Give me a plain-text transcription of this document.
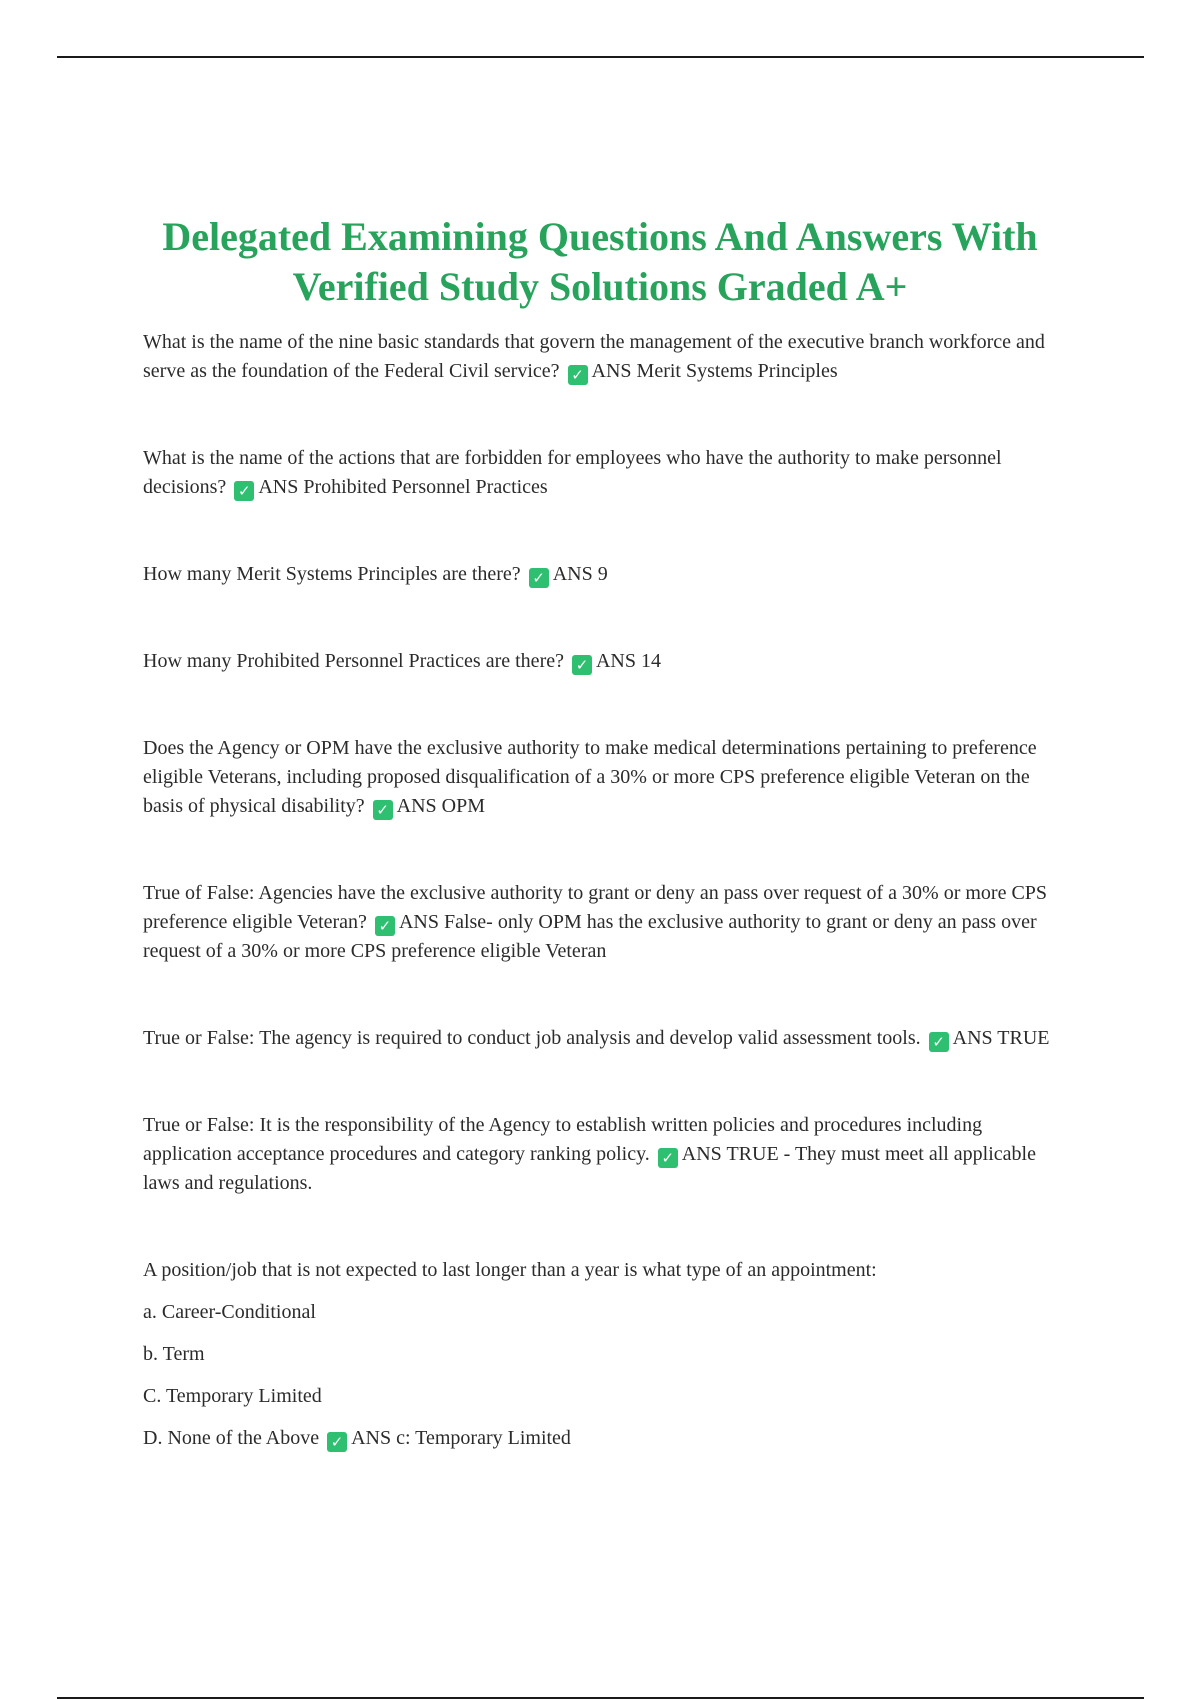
Delegated Examining Questions And Answers With Verified Study Solutions Graded A+

What is the name of the nine basic standards that govern the management of the executive branch workforce and serve as the foundation of the Federal Civil service? ✓ ANS Merit Systems Principles

What is the name of the actions that are forbidden for employees who have the authority to make personnel decisions? ✓ ANS Prohibited Personnel Practices

How many Merit Systems Principles are there? ✓ ANS 9

How many Prohibited Personnel Practices are there? ✓ ANS 14

Does the Agency or OPM have the exclusive authority to make medical determinations pertaining to preference eligible Veterans, including proposed disqualification of a 30% or more CPS preference eligible Veteran on the basis of physical disability? ✓ ANS OPM

True of False: Agencies have the exclusive authority to grant or deny an pass over request of a 30% or more CPS preference eligible Veteran? ✓ ANS False- only OPM has the exclusive authority to grant or deny an pass over request of a 30% or more CPS preference eligible Veteran

True or False: The agency is required to conduct job analysis and develop valid assessment tools. ✓ ANS TRUE

True or False: It is the responsibility of the Agency to establish written policies and procedures including application acceptance procedures and category ranking policy. ✓ ANS TRUE - They must meet all applicable laws and regulations.

A position/job that is not expected to last longer than a year is what type of an appointment:

a. Career-Conditional

b. Term

C. Temporary Limited

D. None of the Above ✓ ANS c: Temporary Limited
